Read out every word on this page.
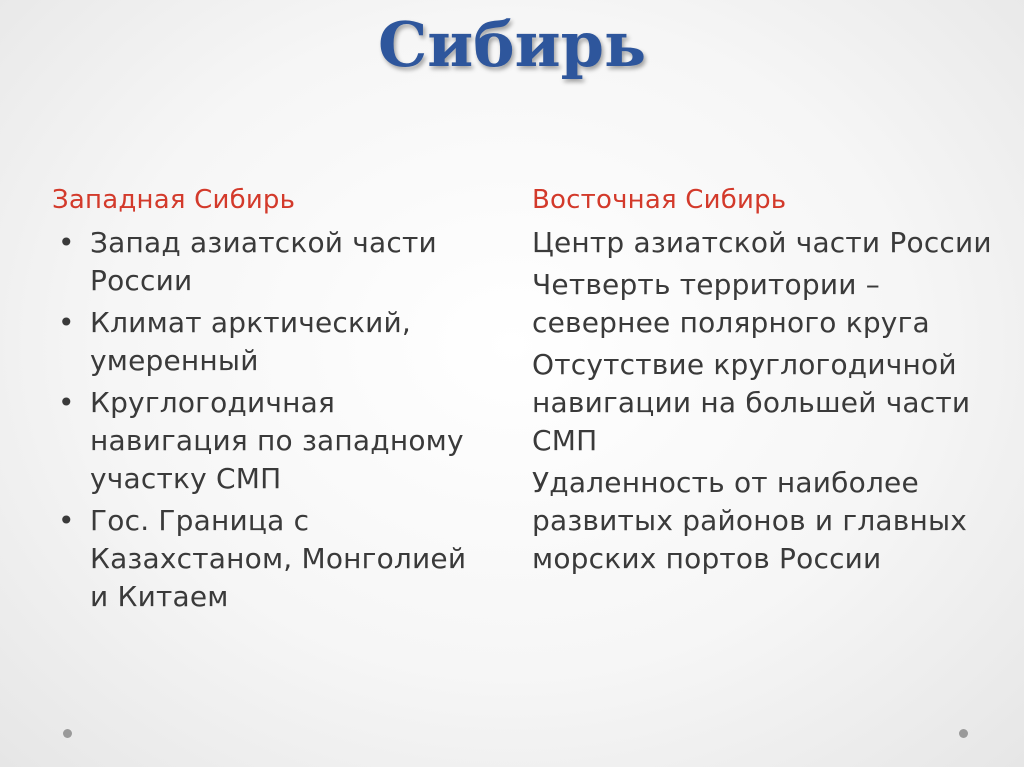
Сибирь
Западная Сибирь
• Запад азиатской части России
• Климат арктический, умеренный
• Круглогодичная навигация по западному участку СМП
• Гос. Граница с Казахстаном, Монголией и Китаем
Восточная Сибирь
Центр азиатской части России
Четверть территории – севернее полярного круга
Отсутствие круглогодичной навигации на большей части СМП
Удаленность от наиболее развитых районов и главных морских портов России
